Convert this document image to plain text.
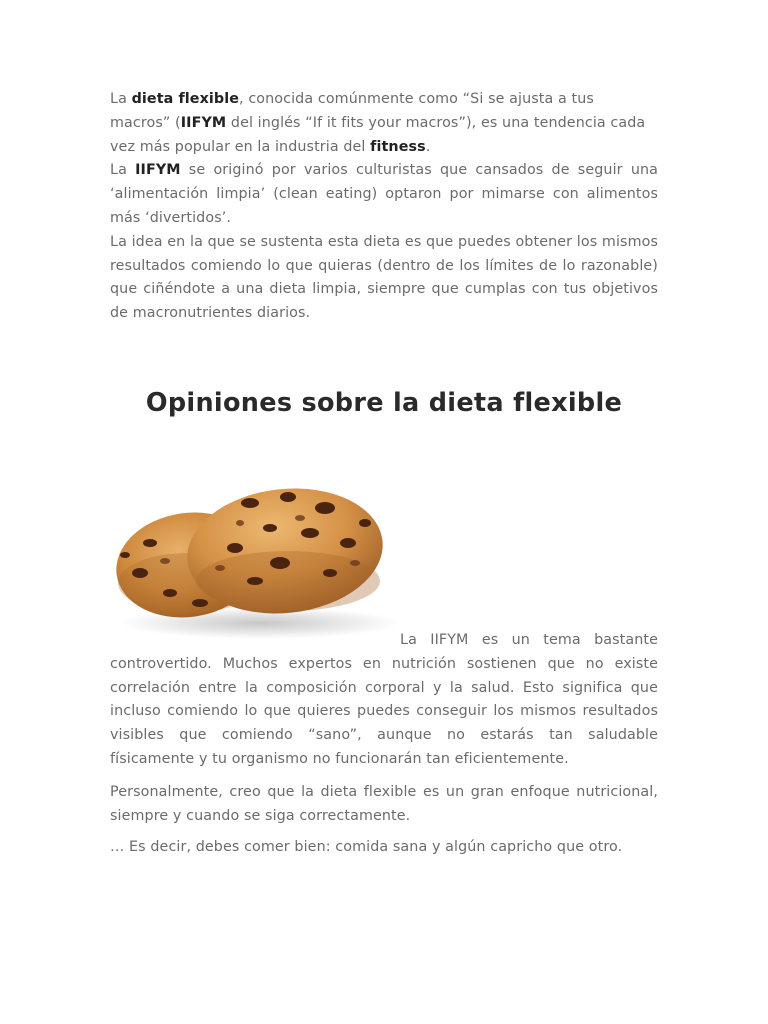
La dieta flexible, conocida comúnmente como “Si se ajusta a tus macros” (IIFYM del inglés “If it fits your macros”), es una tendencia cada vez más popular en la industria del fitness.

La IIFYM se originó por varios culturistas que cansados de seguir una ‘alimentación limpia’ (clean eating) optaron por mimarse con alimentos más ‘divertidos’.

La idea en la que se sustenta esta dieta es que puedes obtener los mismos resultados comiendo lo que quieras (dentro de los límites de lo razonable) que ciñéndote a una dieta limpia, siempre que cumplas con tus objetivos de macronutrientes diarios.

Opiniones sobre la dieta flexible

La IIFYM es un tema bastante controvertido. Muchos expertos en nutrición sostienen que no existe correlación entre la composición corporal y la salud. Esto significa que incluso comiendo lo que quieres puedes conseguir los mismos resultados visibles que comiendo “sano”, aunque no estarás tan saludable físicamente y tu organismo no funcionarán tan eficientemente.

Personalmente, creo que la dieta flexible es un gran enfoque nutricional, siempre y cuando se siga correctamente.

… Es decir, debes comer bien: comida sana y algún capricho que otro.
